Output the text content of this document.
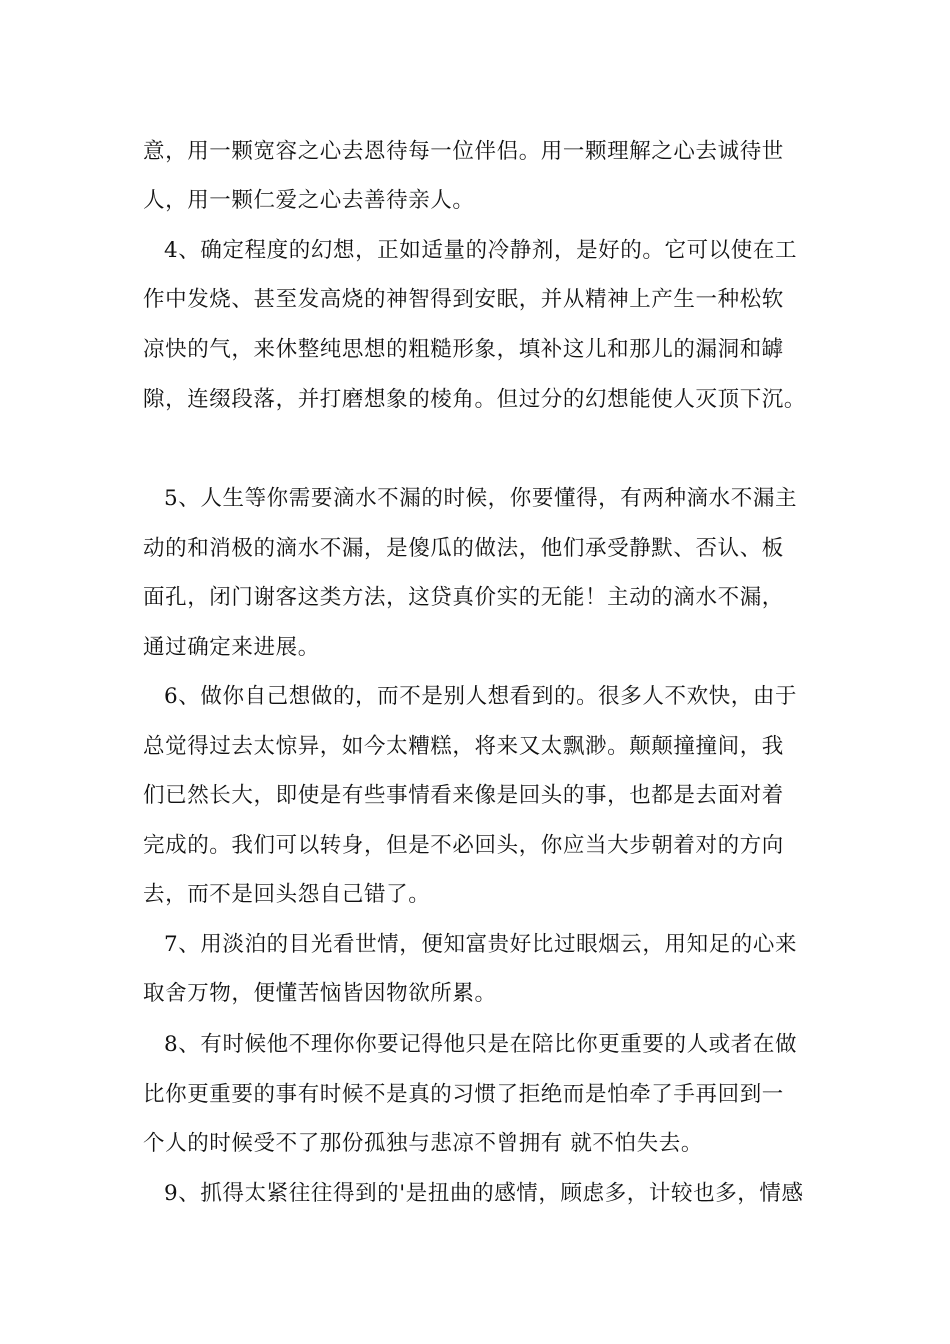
意，用一颗宽容之心去恩待每一位伴侣。用一颗理解之心去诚待世
人，用一颗仁爱之心去善待亲人。
4、确定程度的幻想，正如适量的冷静剂，是好的。它可以使在工
作中发烧、甚至发高烧的神智得到安眠，并从精神上产生一种松软
凉快的气，来休整纯思想的粗糙形象，填补这儿和那儿的漏洞和罅
隙，连缀段落，并打磨想象的棱角。但过分的幻想能使人灭顶下沉。
5、人生等你需要滴水不漏的时候，你要懂得，有两种滴水不漏主
动的和消极的滴水不漏，是傻瓜的做法，他们承受静默、否认、板
面孔，闭门谢客这类方法，这贷真价实的无能！主动的滴水不漏，
通过确定来进展。
6、做你自己想做的，而不是别人想看到的。很多人不欢快，由于
总觉得过去太惊异，如今太糟糕，将来又太飘渺。颠颠撞撞间，我
们已然长大，即使是有些事情看来像是回头的事，也都是去面对着
完成的。我们可以转身，但是不必回头，你应当大步朝着对的方向
去，而不是回头怨自己错了。
7、用淡泊的目光看世情，便知富贵好比过眼烟云，用知足的心来
取舍万物，便懂苦恼皆因物欲所累。
8、有时候他不理你你要记得他只是在陪比你更重要的人或者在做
比你更重要的事有时候不是真的习惯了拒绝而是怕牵了手再回到一
个人的时候受不了那份孤独与悲凉不曾拥有 就不怕失去。
9、抓得太紧往往得到的'是扭曲的感情，顾虑多，计较也多，情感
